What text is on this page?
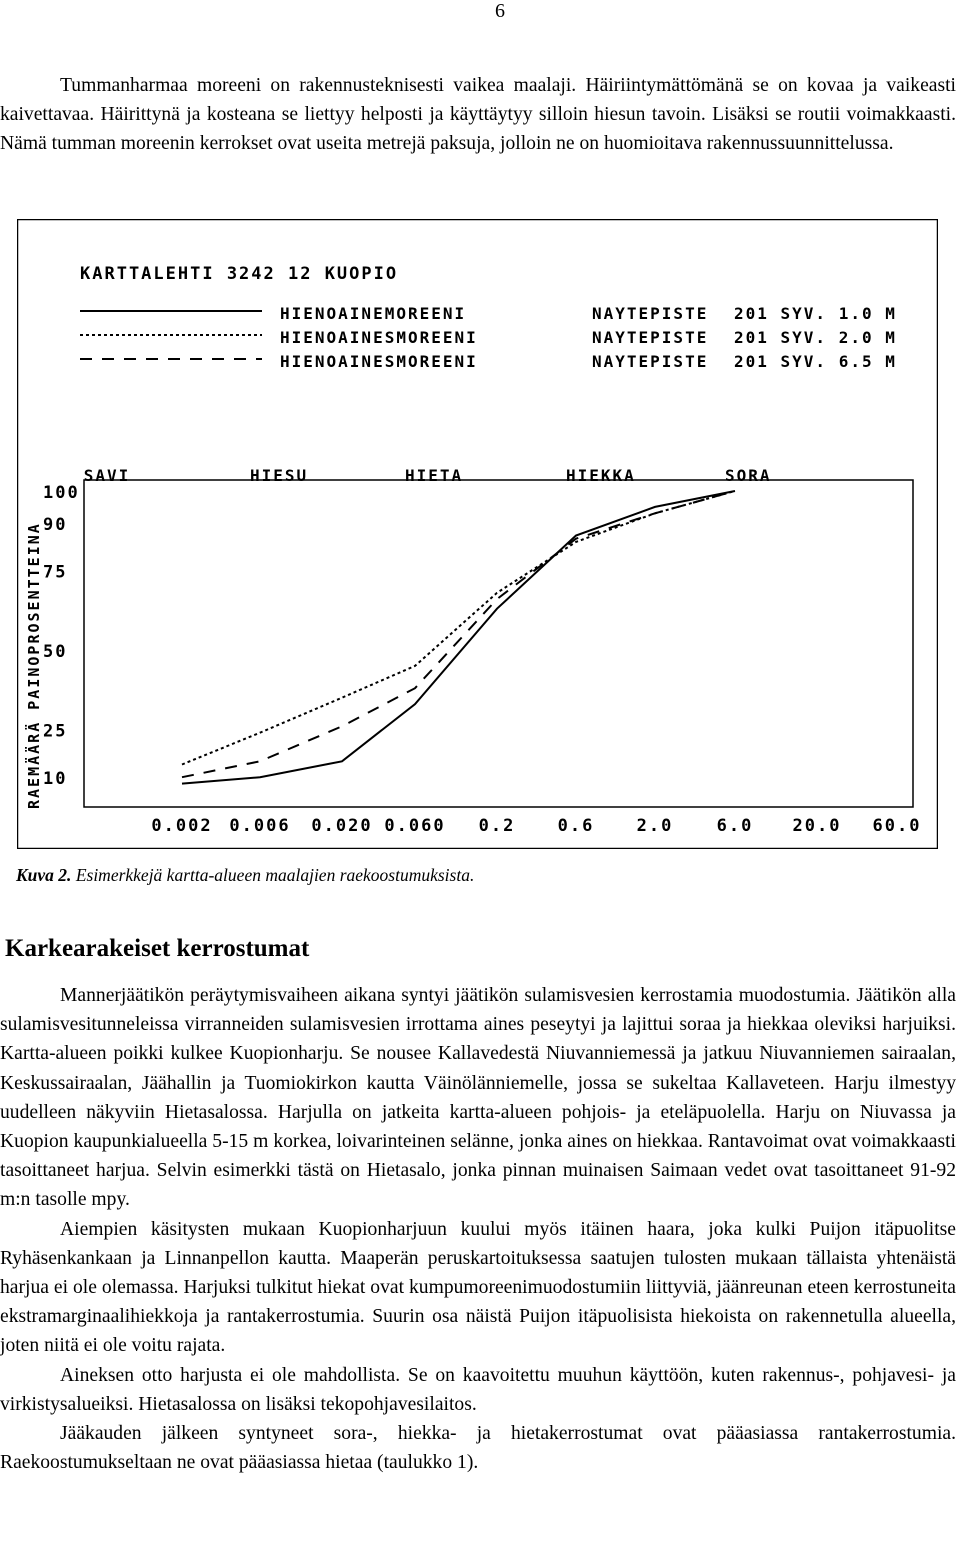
6

Tummanharmaa moreeni on rakennusteknisesti vaikea maalaji. Häiriintymättömänä se on kovaa ja vaikeasti kaivettavaa. Häirittynä ja kosteana se liettyy helposti ja käyttäytyy silloin hiesun tavoin. Lisäksi se routii voimakkaasti. Nämä tumman moreenin kerrokset ovat useita metrejä paksuja, jolloin ne on huomioitava rakennussuunnittelussa.

KARTTALEHTI 3242 12 KUOPIO
HIENOAINEMOREENI	NAYTEPISTE 201 SYV. 1.0 M
HIENOAINESMOREENI	NAYTEPISTE 201 SYV. 2.0 M
HIENOAINESMOREENI	NAYTEPISTE 201 SYV. 6.5 M
RAEMÄÄRÄ PAINOPROSENTTEINA
100
90
75
50
25
10
0.002 0.006 0.020 0.060 0.2 0.6 2.0	6.0 20.0 60.0
SAVI	HIESU	HIETA	HIEKKA	SORA
Kuva 2. Esimerkkejä kartta-alueen maalajien raekoostumuksista.
Karkearakeiset kerrostumat

Mannerjäätikön peräytymisvaiheen aikana syntyi jäätikön sulamisvesien kerrostamia muodostumia. Jäätikön alla sulamisvesitunneleissa virranneiden sulamisvesien irrottama aines peseytyi ja lajittui soraa ja hiekkaa oleviksi harjuiksi. Kartta-alueen poikki kulkee Kuopionharju. Se nousee Kallavedestä Niuvanniemessä ja jatkuu Niuvanniemen sairaalan, Keskussairaalan, Jäähallin ja Tuomiokirkon kautta Väinölänniemelle, jossa se sukeltaa Kallaveteen. Harju ilmestyy uudelleen näkyviin Hietasalossa. Harjulla on jatkeita kartta-alueen pohjois- ja eteläpuolella. Harju on Niuvassa ja Kuopion kaupunkialueella 5-15 m korkea, loivarinteinen selänne, jonka aines on hiekkaa. Rantavoimat ovat voimakkaasti tasoittaneet harjua. Selvin esimerkki tästä on Hietasalo, jonka pinnan muinaisen Saimaan vedet ovat tasoittaneet 91-92 m:n tasolle mpy.

Aiempien käsitysten mukaan Kuopionharjuun kuului myös itäinen haara, joka kulki Puijon itäpuolitse Ryhäsenkankaan ja Linnanpellon kautta. Maaperän peruskartoituksessa saatujen tulosten mukaan tällaista yhtenäistä harjua ei ole olemassa. Harjuksi tulkitut hiekat ovat kumpumoreenimuodostumiin liittyviä, jäänreunan eteen kerrostuneita ekstramarginaalihiekkoja ja rantakerrostumia. Suurin osa näistä Puijon itäpuolisista hiekoista on rakennetulla alueella, joten niitä ei ole voitu rajata.

Aineksen otto harjusta ei ole mahdollista. Se on kaavoitettu muuhun käyttöön, kuten rakennus-, pohjavesi- ja virkistysalueiksi. Hietasalossa on lisäksi tekopohjavesilaitos.

Jääkauden jälkeen syntyneet sora-, hiekka- ja hietakerrostumat ovat pääasiassa rantakerrostumia. Raekoostumukseltaan ne ovat pääasiassa hietaa (taulukko 1).
